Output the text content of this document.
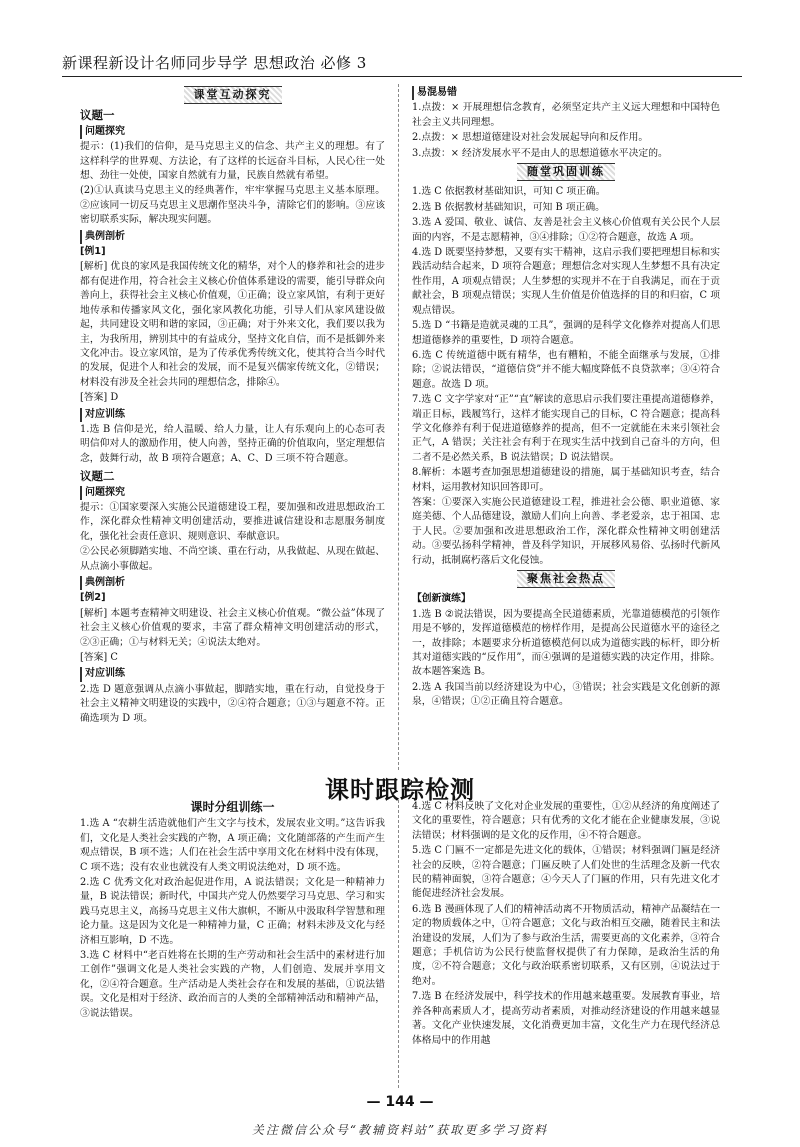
新课程新设计名师同步导学 思想政治 必修 3
课堂互动探究
议题一
问题探究
提示：(1)我们的信仰，是马克思主义的信念、共产主义的理想。有了这样科学的世界观、方法论，有了这样的长远奋斗目标，人民心往一处想、劲往一处使，国家自然就有力量，民族自然就有希望。
(2)①认真读马克思主义的经典著作，牢牢掌握马克思主义基本原理。②应该同一切反马克思主义思潮作坚决斗争，清除它们的影响。③应该密切联系实际，解决现实问题。
典例剖析
[例1]
[解析] 优良的家风是我国传统文化的精华，对个人的修养和社会的进步都有促进作用，符合社会主义核心价值体系建设的需要，能引导群众向善向上，获得社会主义核心价值观，①正确；设立家风馆，有利于更好地传承和传播家风文化，强化家风教化功能，引导人们从家风建设做起，共同建设文明和谐的家园，③正确；对于外来文化，我们要以我为主，为我所用，辨别其中的有益成分，坚持文化自信，而不是抵御外来文化冲击。设立家风馆，是为了传承优秀传统文化，使其符合当今时代的发展，促进个人和社会的发展，而不是复兴儒家传统文化，②错误；材料没有涉及全社会共同的理想信念，排除④。
[答案] D
对应训练
1.选 B 信仰是光，给人温暖、给人力量，让人有乐观向上的心态可表明信仰对人的激励作用，使人向善，坚持正确的价值取向，坚定理想信念，鼓舞行动，故 B 项符合题意；A、C、D 三项不符合题意。
议题二
问题探究
提示：①国家要深入实施公民道德建设工程，要加强和改进思想政治工作，深化群众性精神文明创建活动，要推进诚信建设和志愿服务制度化，强化社会责任意识、规则意识、奉献意识。
②公民必须脚踏实地、不尚空谈、重在行动，从我做起、从现在做起、从点滴小事做起。
典例剖析
[例2]
[解析] 本题考查精神文明建设、社会主义核心价值观。“微公益”体现了社会主义核心价值观的要求，丰富了群众精神文明创建活动的形式，②③正确；①与材料无关；④说法太绝对。
[答案] C
对应训练
2.选 D 题意强调从点滴小事做起，脚踏实地，重在行动，自觉投身于社会主义精神文明建设的实践中，②④符合题意；①③与题意不符。正确选项为 D 项。
易混易错
1.点拨：× 开展理想信念教育，必须坚定共产主义远大理想和中国特色社会主义共同理想。
2.点拨：× 思想道德建设对社会发展起导向和反作用。
3.点拨：× 经济发展水平不是由人的思想道德水平决定的。
随堂巩固训练
1.选 C 依据教材基础知识，可知 C 项正确。
2.选 B 依据教材基础知识，可知 B 项正确。
3.选 A 爱国、敬业、诚信、友善是社会主义核心价值观有关公民个人层面的内容，不是志愿精神，③④排除；①②符合题意，故选 A 项。
4.选 D 既要坚持梦想，又要有实干精神，这启示我们要把理想目标和实践活动结合起来，D 项符合题意；理想信念对实现人生梦想不具有决定性作用，A 项观点错误；人生梦想的实现并不在于自我满足，而在于贡献社会，B 项观点错误；实现人生价值是价值选择的目的和归宿，C 项观点错误。
5.选 D “书籍是造就灵魂的工具”，强调的是科学文化修养对提高人们思想道德修养的重要性，D 项符合题意。
6.选 C 传统道德中既有精华，也有糟粕，不能全面继承与发展，①排除；②说法错误，“道德信贷”并不能大幅度降低不良贷款率；③④符合题意。故选 D 项。
7.选 C 文字学家对“正”“直”解读的意思启示我们要注重提高道德修养，端正目标，践履笃行，这样才能实现自己的目标，C 符合题意；提高科学文化修养有利于促进道德修养的提高，但不一定就能在未来引领社会正气，A 错误；关注社会有利于在现实生活中找到自己奋斗的方向，但二者不是必然关系，B 说法错误；D 说法错误。
8.解析：本题考查加强思想道德建设的措施，属于基础知识考查，结合材料，运用教材知识回答即可。
答案：①要深入实施公民道德建设工程，推进社会公德、职业道德、家庭美德、个人品德建设，激励人们向上向善、孝老爱亲，忠于祖国、忠于人民。②要加强和改进思想政治工作，深化群众性精神文明创建活动。③要弘扬科学精神，普及科学知识，开展移风易俗、弘扬时代新风行动，抵制腐朽落后文化侵蚀。
聚焦社会热点
【创新演练】
1.选 B ②说法错误，因为要提高全民道德素质，光靠道德模范的引领作用是不够的，发挥道德模范的榜样作用，是提高公民道德水平的途径之一，故排除；本题要求分析道德模范何以成为道德实践的标杆，即分析其对道德实践的“反作用”，而④强调的是道德实践的决定作用，排除。故本题答案选 B。
2.选 A 我国当前以经济建设为中心，③错误；社会实践是文化创新的源泉，④错误；①②正确且符合题意。
课时跟踪检测
课时分组训练一
1.选 A “农耕生活造就他们产生文字与技术，发展农业文明。”这告诉我们，文化是人类社会实践的产物，A 项正确；文化随部落的产生而产生观点错误，B 项不选；人们在社会生活中享用文化在材料中没有体现，C 项不选；没有农业也就没有人类文明说法绝对，D 项不选。
2.选 C 优秀文化对政治起促进作用，A 说法错误；文化是一种精神力量，B 说法错误；新时代，中国共产党人仍然要学习马克思、学习和实践马克思主义，高扬马克思主义伟大旗帜，不断从中汲取科学智慧和理论力量。这是因为文化是一种精神力量，C 正确；材料未涉及文化与经济相互影响，D 不选。
3.选 C 材料中“老百姓将在长期的生产劳动和社会生活中的素材进行加工创作”强调文化是人类社会实践的产物，人们创造、发展并享用文化，②④符合题意。生产活动是人类社会存在和发展的基础，①说法错误。文化是相对于经济、政治而言的人类的全部精神活动和精神产品，③说法错误。
4.选 C 材料反映了文化对企业发展的重要性，①②从经济的角度阐述了文化的重要性，符合题意；只有优秀的文化才能在企业健康发展，③说法错误；材料强调的是文化的反作用，④不符合题意。
5.选 C 门匾不一定都是先进文化的载体，①错误；材料强调门匾是经济社会的反映，②符合题意；门匾反映了人们处世的生活理念及新一代农民的精神面貌，③符合题意；④今天人了门匾的作用，只有先进文化才能促进经济社会发展。
6.选 B 漫画体现了人们的精神活动离不开物质活动，精神产品凝结在一定的物质载体之中，①符合题意；文化与政治相互交融，随着民主和法治建设的发展，人们为了参与政治生活，需要更高的文化素养，③符合题意；手机信访为公民行使监督权提供了有力保障，是政治生活的角度，②不符合题意；文化与政治联系密切联系，又有区别，④说法过于绝对。
7.选 B 在经济发展中，科学技术的作用越来越重要。发展教育事业，培养各种高素质人才，提高劳动者素质，对推动经济建设的作用越来越显著。文化产业快速发展，文化消费更加丰富，文化生产力在现代经济总体格局中的作用越
— 144 —
关注微信公众号“教辅资料站”获取更多学习资料
